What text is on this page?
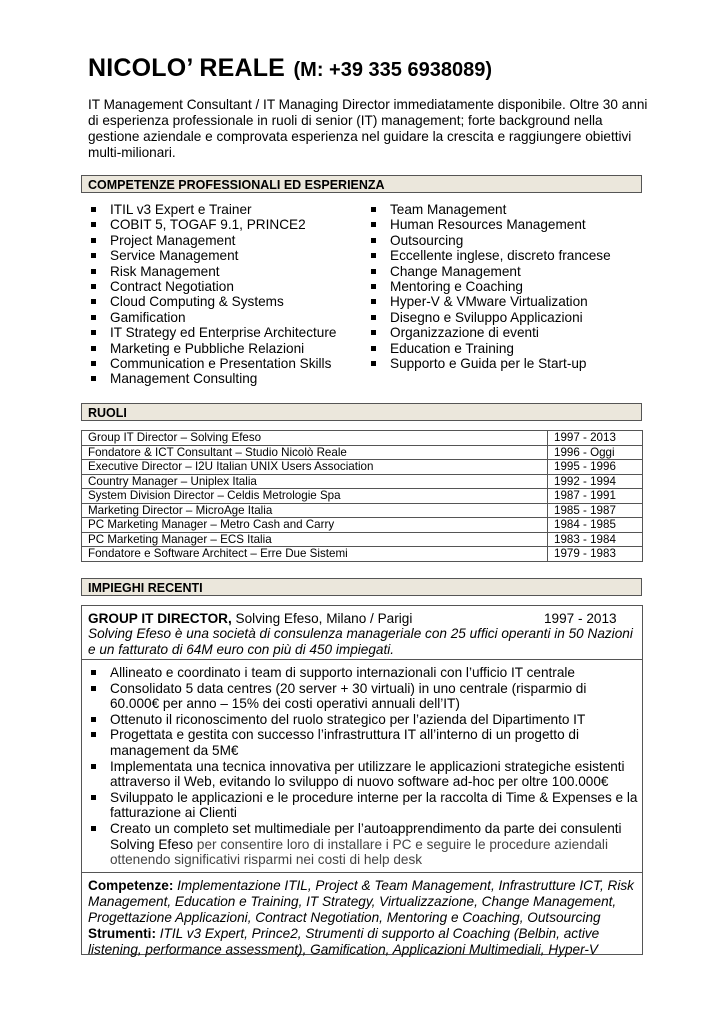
NICOLO’ REALE (M: +39 335 6938089)
IT Management Consultant / IT Managing Director immediatamente disponibile. Oltre 30 anni di esperienza professionale in ruoli di senior (IT) management; forte background nella gestione aziendale e comprovata esperienza nel guidare la crescita e raggiungere obiettivi multi-milionari.
COMPETENZE PROFESSIONALI ED ESPERIENZA
ITIL v3 Expert e Trainer
COBIT 5, TOGAF 9.1, PRINCE2
Project Management
Service Management
Risk Management
Contract Negotiation
Cloud Computing & Systems
Gamification
IT Strategy ed Enterprise Architecture
Marketing e Pubbliche Relazioni
Communication e Presentation Skills
Management Consulting
Team Management
Human Resources Management
Outsourcing
Eccellente inglese, discreto francese
Change Management
Mentoring e Coaching
Hyper-V & VMware Virtualization
Disegno e Sviluppo Applicazioni
Organizzazione di eventi
Education e Training
Supporto e Guida per le Start-up
RUOLI
Group IT Director – Solving Efeso	1997 - 2013
Fondatore & ICT Consultant – Studio Nicolò Reale	1996 - Oggi
Executive Director – I2U Italian UNIX Users Association	1995 - 1996
Country Manager – Uniplex Italia	1992 - 1994
System Division Director – Celdis Metrologie Spa	1987 - 1991
Marketing Director – MicroAge Italia	1985 - 1987
PC Marketing Manager – Metro Cash and Carry	1984 - 1985
PC Marketing Manager – ECS Italia	1983 - 1984
Fondatore e Software Architect – Erre Due Sistemi	1979 - 1983
IMPIEGHI RECENTI
GROUP IT DIRECTOR, Solving Efeso, Milano / Parigi	1997 - 2013
Solving Efeso è una società di consulenza manageriale con 25 uffici operanti in 50 Nazioni e un fatturato di 64M euro con più di 450 impiegati.
Allineato e coordinato i team di supporto internazionali con l’ufficio IT centrale
Consolidato 5 data centres (20 server + 30 virtuali) in uno centrale (risparmio di 60.000€ per anno – 15% dei costi operativi annuali dell’IT)
Ottenuto il riconoscimento del ruolo strategico per l’azienda del Dipartimento IT
Progettata e gestita con successo l’infrastruttura IT all’interno di un progetto di management da 5M€
Implementata una tecnica innovativa per utilizzare le applicazioni strategiche esistenti attraverso il Web, evitando lo sviluppo di nuovo software ad-hoc per oltre 100.000€
Sviluppato le applicazioni e le procedure interne per la raccolta di Time & Expenses e la fatturazione ai Clienti
Creato un completo set multimediale per l’autoapprendimento da parte dei consulenti Solving Efeso per consentire loro di installare i PC e seguire le procedure aziendali ottenendo significativi risparmi nei costi di help desk
Competenze: Implementazione ITIL, Project & Team Management, Infrastrutture ICT, Risk Management, Education e Training, IT Strategy, Virtualizzazione, Change Management, Progettazione Applicazioni, Contract Negotiation, Mentoring e Coaching, Outsourcing
Strumenti: ITIL v3 Expert, Prince2, Strumenti di supporto al Coaching (Belbin, active listening, performance assessment), Gamification, Applicazioni Multimediali, Hyper-V
